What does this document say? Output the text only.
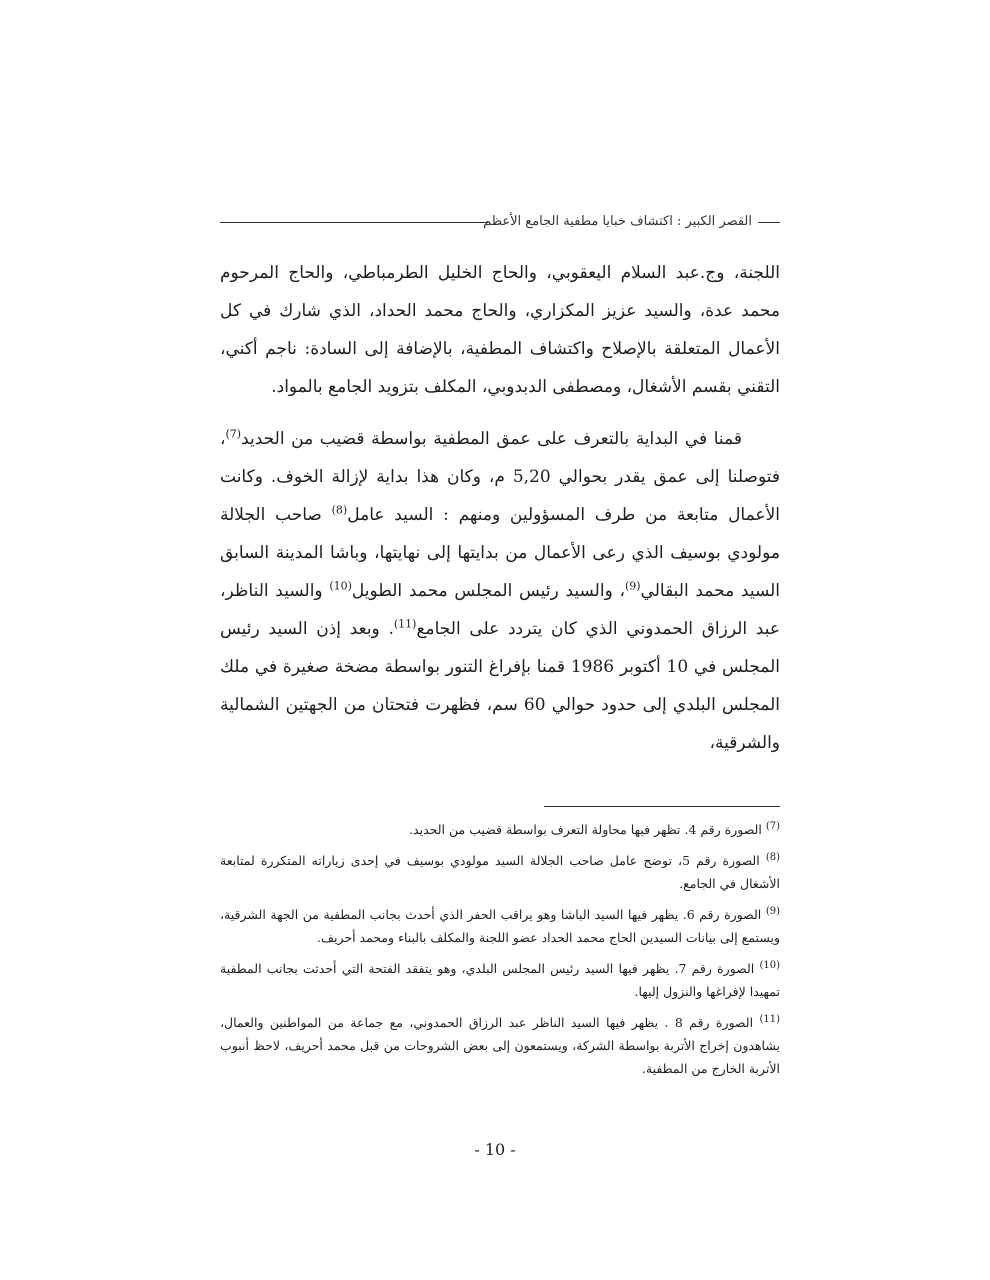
القصر الكبير : اكتشاف خبايا مطفية الجامع الأعظم

اللجنة، وج.عبد السلام اليعقوبي، والحاج الخليل الطرمباطي، والحاج المرحوم محمد عدة، والسيد عزيز المكزاري، والحاج محمد الحداد، الذي شارك في كل الأعمال المتعلقة بالإصلاح واكتشاف المطفية، بالإضافة إلى السادة: ناجم أكني، التقني بقسم الأشغال، ومصطفى الدبدوبي، المكلف بتزويد الجامع بالمواد.

قمنا في البداية بالتعرف على عمق المطفية بواسطة قضيب من الحديد$^{(7)}$، فتوصلنا إلى عمق يقدر بحوالي 5,20 م، وكان هذا بداية لإزالة الخوف. وكانت الأعمال متابعة من طرف المسؤولين ومنهم : السيد عامل$^{(8)}$ صاحب الجلالة مولودي بوسيف الذي رعى الأعمال من بدايتها إلى نهايتها، وباشا المدينة السابق السيد محمد البقالي$^{(9)}$، والسيد رئيس المجلس محمد الطويل$^{(10)}$ والسيد الناظر، عبد الرزاق الحمدوني الذي كان يتردد على الجامع$^{(11)}$. وبعد إذن السيد رئيس المجلس في 10 أكتوبر 1986 قمنا بإفراغ التنور بواسطة مضخة صغيرة في ملك المجلس البلدي إلى حدود حوالي 60 سم، فظهرت فتحتان من الجهتين الشمالية والشرقية،

$^{(7)}$ الصورة رقم 4. تظهر فيها محاولة التعرف بواسطة قضيب من الحديد.

$^{(8)}$ الصورة رقم 5، توضح عامل صاحب الجلالة السيد مولودي بوسيف في إحدى زياراته المتكررة لمتابعة الأشغال في الجامع.

$^{(9)}$ الصورة رقم 6. يظهر فيها السيد الباشا وهو يراقب الحفر الذي أحدث بجانب المطفية من الجهة الشرقية، ويستمع إلى بيانات السيدين الحاج محمد الحداد عضو اللجنة والمكلف بالبناء ومحمد أحريف.

$^{(10)}$ الصورة رقم 7. يظهر فيها السيد رئيس المجلس البلدي، وهو يتفقد الفتحة التي أحدثت بجانب المطفية تمهيدا لإفراغها والنزول إليها.

$^{(11)}$ الصورة رقم 8 . يظهر فيها السيد الناظر عبد الرزاق الحمدوني، مع جماعة من المواطنين والعمال، يشاهدون إخراج الأتربة بواسطة الشركة، ويستمعون إلى بعض الشروحات من قبل محمد أحريف، لاحظ أنبوب الأتربة الخارج من المطفية.

- 10 -
